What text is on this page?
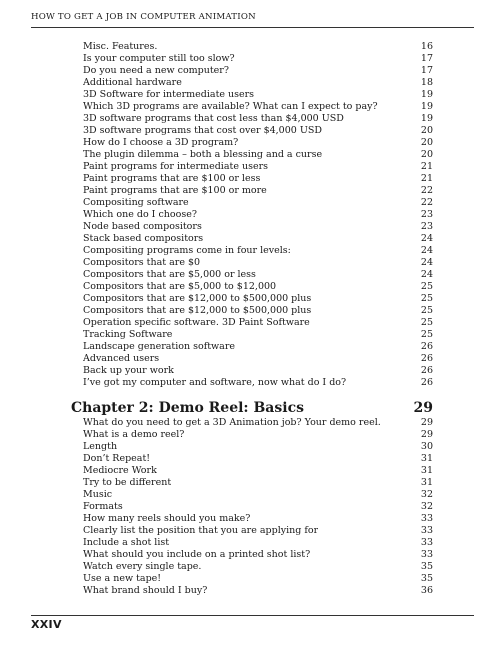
HOW TO GET A JOB IN COMPUTER ANIMATION
Misc. Features.	16
Is your computer still too slow?	17
Do you need a new computer?	17
Additional hardware	18
3D Software for intermediate users	19
Which 3D programs are available? What can I expect to pay?	19
3D software programs that cost less than $4,000 USD	19
3D software programs that cost over $4,000 USD	20
How do I choose a 3D program?	20
The plugin dilemma – both a blessing and a curse	20
Paint programs for intermediate users	21
Paint programs that are $100 or less	21
Paint programs that are $100 or more	22
Compositing software	22
Which one do I choose?	23
Node based compositors	23
Stack based compositors	24
Compositing programs come in four levels:	24
Compositors that are $0	24
Compositors that are $5,000 or less	24
Compositors that are $5,000 to $12,000	25
Compositors that are $12,000 to $500,000 plus	25
Compositors that are $12,000 to $500,000 plus	25
Operation specific software. 3D Paint Software	25
Tracking Software	25
Landscape generation software	26
Advanced users	26
Back up your work	26
I’ve got my computer and software, now what do I do?	26
Chapter 2: Demo Reel: Basics	29
What do you need to get a 3D Animation job? Your demo reel.	29
What is a demo reel?	29
Length	30
Don’t Repeat!	31
Mediocre Work	31
Try to be different	31
Music	32
Formats	32
How many reels should you make?	33
Clearly list the position that you are applying for	33
Include a shot list	33
What should you include on a printed shot list?	33
Watch every single tape.	35
Use a new tape!	35
What brand should I buy?	36
XXIV
